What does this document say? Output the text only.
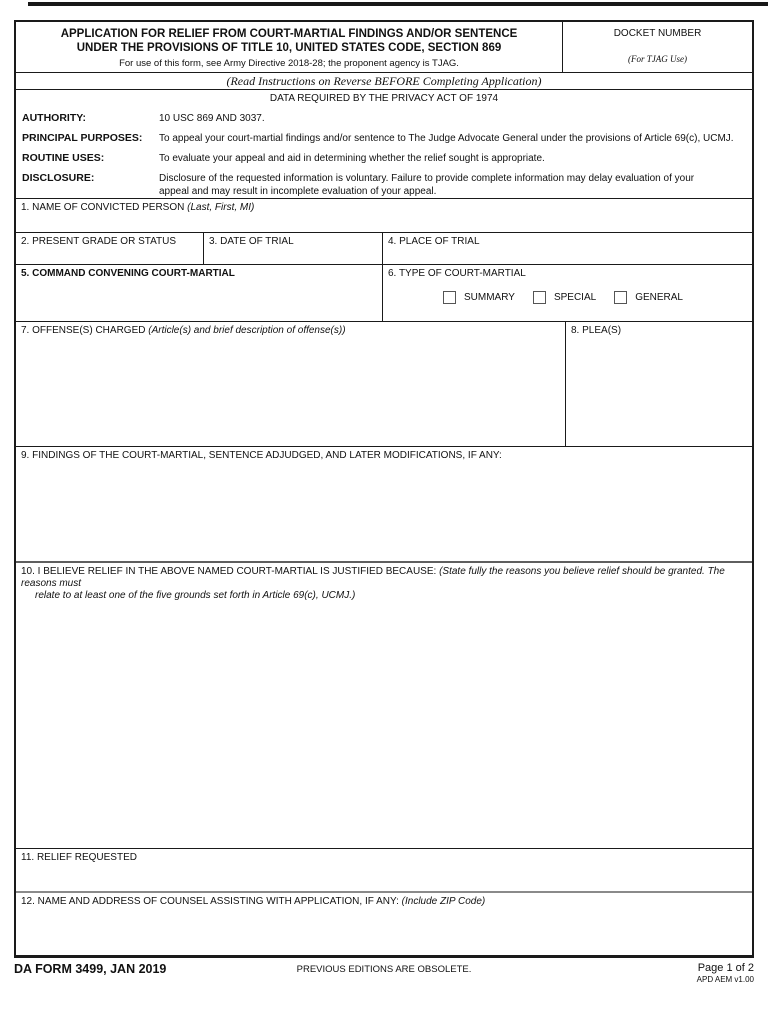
APPLICATION FOR RELIEF FROM COURT-MARTIAL FINDINGS AND/OR SENTENCE
UNDER THE PROVISIONS OF TITLE 10, UNITED STATES CODE, SECTION 869
For use of this form, see Army Directive 2018-28; the proponent agency is TJAG.
DOCKET NUMBER
(For TJAG Use)
(Read Instructions on Reverse BEFORE Completing Application)
DATA REQUIRED BY THE PRIVACY ACT OF 1974
AUTHORITY:	10 USC 869 AND 3037.
PRINCIPAL PURPOSES:	To appeal your court-martial findings and/or sentence to The Judge Advocate General under the provisions of Article 69(c), UCMJ.
ROUTINE USES:	To evaluate your appeal and aid in determining whether the relief sought is appropriate.
DISCLOSURE:	Disclosure of the requested information is voluntary. Failure to provide complete information may delay evaluation of your appeal and may result in incomplete evaluation of your appeal.
1. NAME OF CONVICTED PERSON (Last, First, MI)
2. PRESENT GRADE OR STATUS	3. DATE OF TRIAL	4. PLACE OF TRIAL
5. COMMAND CONVENING COURT-MARTIAL	6. TYPE OF COURT-MARTIAL
SUMMARY	SPECIAL	GENERAL
7. OFFENSE(S) CHARGED (Article(s) and brief description of offense(s))	8. PLEA(S)
9. FINDINGS OF THE COURT-MARTIAL, SENTENCE ADJUDGED, AND LATER MODIFICATIONS, IF ANY:
10. I BELIEVE RELIEF IN THE ABOVE NAMED COURT-MARTIAL IS JUSTIFIED BECAUSE: (State fully the reasons you believe relief should be granted. The reasons must
relate to at least one of the five grounds set forth in Article 69(c), UCMJ.)
11. RELIEF REQUESTED
12. NAME AND ADDRESS OF COUNSEL ASSISTING WITH APPLICATION, IF ANY: (Include ZIP Code)
DA FORM 3499, JAN 2019	PREVIOUS EDITIONS ARE OBSOLETE.	Page 1 of 2
APD AEM v1.00
